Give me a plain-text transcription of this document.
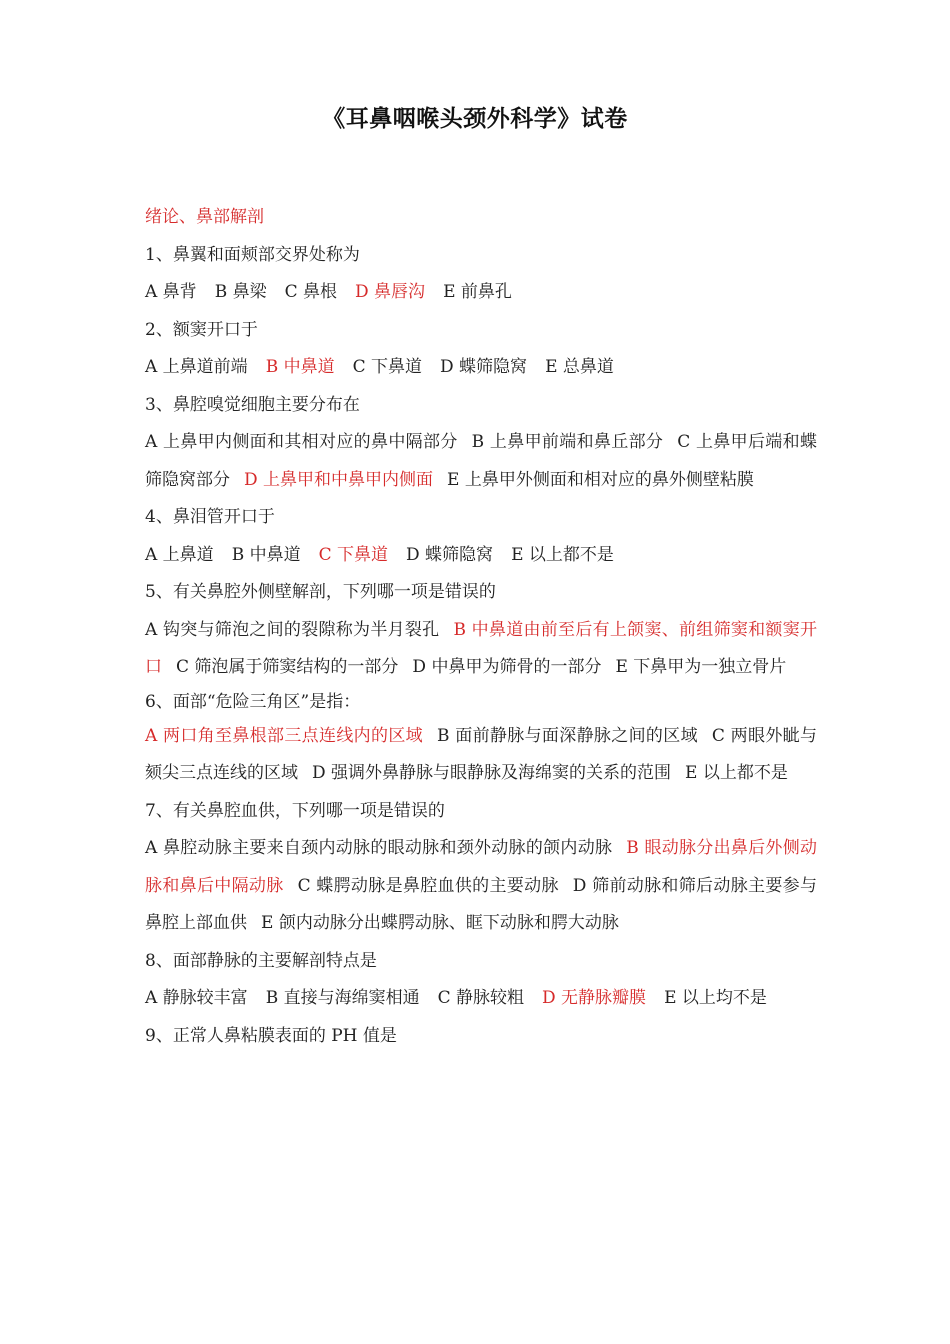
《耳鼻咽喉头颈外科学》试卷
绪论、鼻部解剖
1、鼻翼和面颊部交界处称为
A 鼻背 B 鼻梁 C 鼻根 D 鼻唇沟 E 前鼻孔
2、额窦开口于
A 上鼻道前端 B 中鼻道 C 下鼻道 D 蝶筛隐窝 E 总鼻道
3、鼻腔嗅觉细胞主要分布在
A 上鼻甲内侧面和其相对应的鼻中隔部分 B 上鼻甲前端和鼻丘部分 C 上鼻甲后端和蝶筛隐窝部分 D 上鼻甲和中鼻甲内侧面 E 上鼻甲外侧面和相对应的鼻外侧壁粘膜
4、鼻泪管开口于
A 上鼻道 B 中鼻道 C 下鼻道 D 蝶筛隐窝 E 以上都不是
5、有关鼻腔外侧壁解剖，下列哪一项是错误的
A 钩突与筛泡之间的裂隙称为半月裂孔 B 中鼻道由前至后有上颌窦、前组筛窦和额窦开口 C 筛泡属于筛窦结构的一部分 D 中鼻甲为筛骨的一部分 E 下鼻甲为一独立骨片
6、面部“危险三角区”是指：
A 两口角至鼻根部三点连线内的区域 B 面前静脉与面深静脉之间的区域 C 两眼外眦与颏尖三点连线的区域 D 强调外鼻静脉与眼静脉及海绵窦的关系的范围 E 以上都不是
7、有关鼻腔血供，下列哪一项是错误的
A 鼻腔动脉主要来自颈内动脉的眼动脉和颈外动脉的颌内动脉 B 眼动脉分出鼻后外侧动脉和鼻后中隔动脉 C 蝶腭动脉是鼻腔血供的主要动脉 D 筛前动脉和筛后动脉主要参与鼻腔上部血供 E 颌内动脉分出蝶腭动脉、眶下动脉和腭大动脉
8、面部静脉的主要解剖特点是
A 静脉较丰富 B 直接与海绵窦相通 C 静脉较粗 D 无静脉瓣膜 E 以上均不是
9、正常人鼻粘膜表面的 PH 值是
